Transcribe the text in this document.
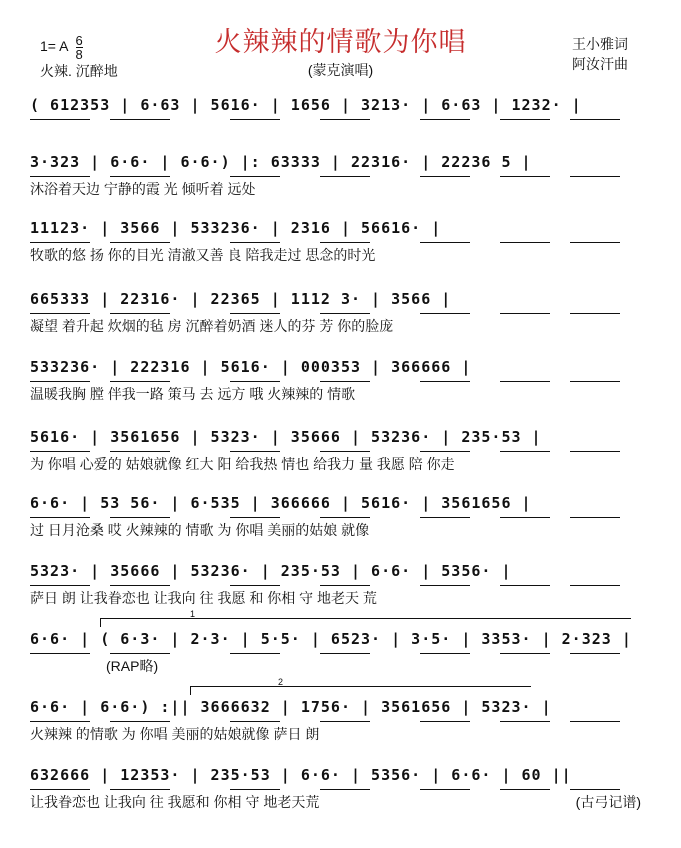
1= A $\frac{6}{8}$
火辣. 沉醉地
火辣辣的情歌为你唱
(蒙克演唱)
王小雅词
阿汝汗曲
( 612353 | 6·63 | 5616· | 1656 | 3213· | 6·63 | 1232· |
3·323 | 6·6· | 6·6·) |: 63333 | 22316· | 22236 5 |
沐浴着天边 宁静的霞 光 倾听着 远处
11123· | 3566 | 533236· | 2316 | 56616· |
牧歌的悠 扬 你的目光 清澈又善 良 陪我走过 思念的时光
665333 | 22316· | 22365 | 1112 3· | 3566 |
凝望 着升起 炊烟的毡 房 沉醉着奶酒 迷人的芬 芳 你的脸庞
533236· | 222316 | 5616· | 000353 | 366666 |
温暖我胸 膛 伴我一路 策马 去 远方 哦 火辣辣的 情歌
5616· | 3561656 | 5323· | 35666 | 53236· | 235·53 |
为 你唱 心爱的 姑娘就像 红大 阳 给我热 情也 给我力 量 我愿 陪 你走
6·6· | 53 56· | 6·535 | 366666 | 5616· | 3561656 |
过 日月沧桑 哎 火辣辣的 情歌 为 你唱 美丽的姑娘 就像
5323· | 35666 | 53236· | 235·53 | 6·6· | 5356· |
萨日 朗 让我眷恋也 让我向 往 我愿 和 你相 守 地老天 荒
6·6· | ( 6·3· | 2·3· | 5·5· | 6523· | 3·5· | 3353· | 2·323 |
(RAP略)
6·6· | 6·6·) :|| 3666632 | 1756· | 3561656 | 5323· |
火辣辣 的情歌 为 你唱 美丽的姑娘就像 萨日 朗
632666 | 12353· | 235·53 | 6·6· | 5356· | 6·6· | 60 ||
让我眷恋也 让我向 往 我愿和 你相 守 地老天荒	(古弓记谱)
1
2
